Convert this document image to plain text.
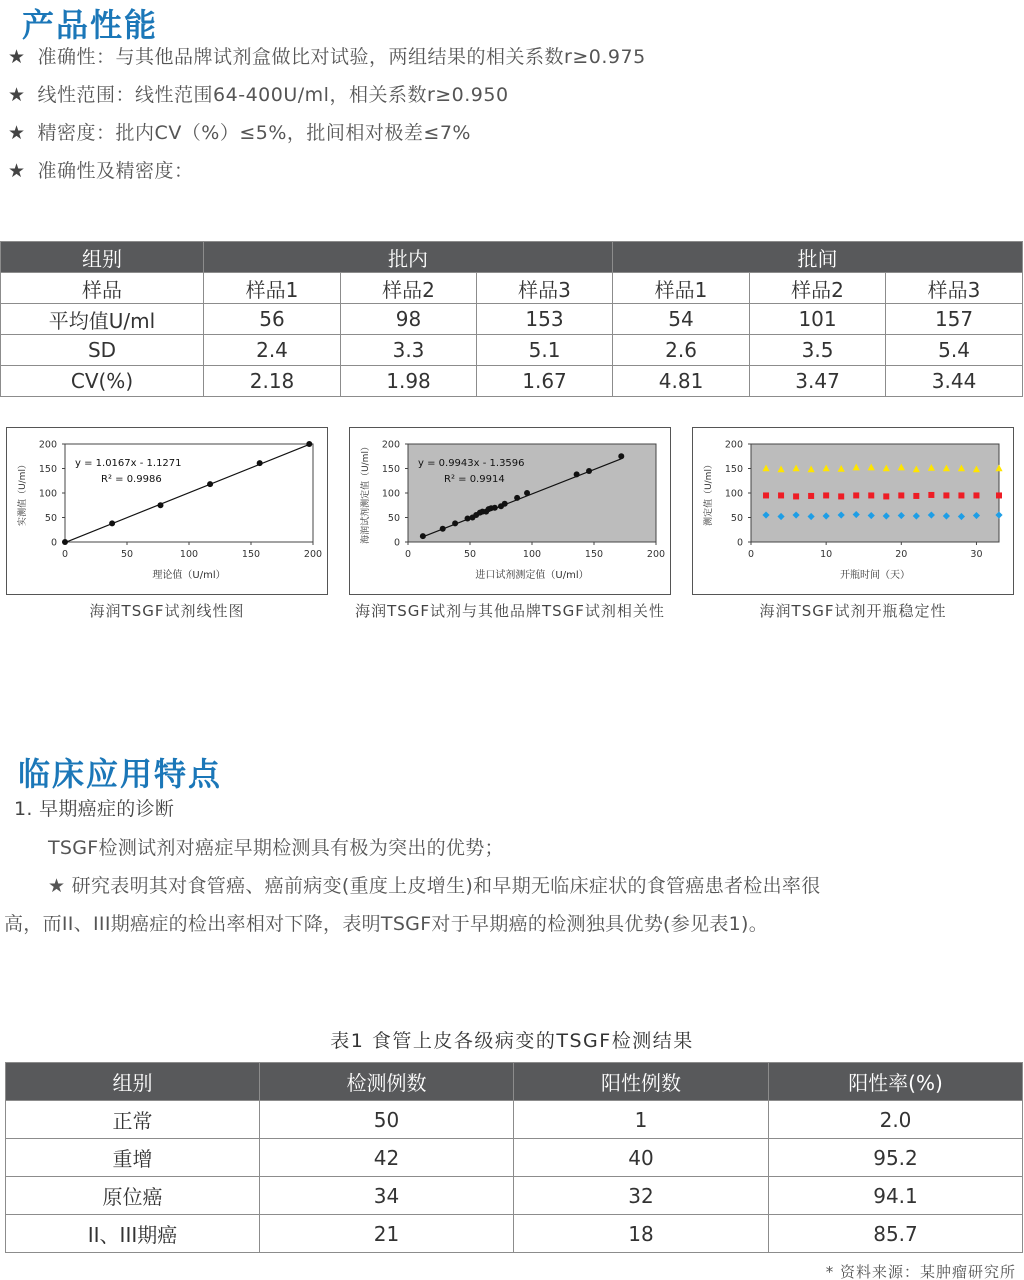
产品性能
★ 准确性：与其他品牌试剂盒做比对试验，两组结果的相关系数r≥0.975
★ 线性范围：线性范围64-400U/ml，相关系数r≥0.950
★ 精密度：批内CV（%）≤5%，批间相对极差≤7%
★ 准确性及精密度：
组别	批内			批间		
样品	样品1	样品2	样品3	样品1	样品2	样品3
平均值U/ml	56	98	153	54	101	157
SD	2.4	3.3	5.1	2.6	3.5	5.4
CV(%)	2.18	1.98	1.67	4.81	3.47	3.44
0
50
100
150
200
0	50	100	150	200
理论值（U/ml）
实测值（U/ml）	y = 1.0167x - 1.1271
R² = 0.9986
0
50
100
150
200
0	50	100	150	200
进口试剂测定值（U/ml）
海润试剂测定值（U/ml）	y = 0.9943x - 1.3596
R² = 0.9914
0
50
100
150
200
0	10	20	30
开瓶时间（天）
测定值（U/ml）
海润TSGF试剂线性图	海润TSGF试剂与其他品牌TSGF试剂相关性	海润TSGF试剂开瓶稳定性
临床应用特点
1. 早期癌症的诊断
TSGF检测试剂对癌症早期检测具有极为突出的优势；
★ 研究表明其对食管癌、癌前病变(重度上皮增生)和早期无临床症状的食管癌患者检出率很
高，而II、III期癌症的检出率相对下降，表明TSGF对于早期癌的检测独具优势(参见表1)。
表1 食管上皮各级病变的TSGF检测结果
组别	检测例数	阳性例数	阳性率(%)
正常	50	1	2.0
重增	42	40	95.2
原位癌	34	32	94.1
II、III期癌	21	18	85.7
* 资料来源：某肿瘤研究所
